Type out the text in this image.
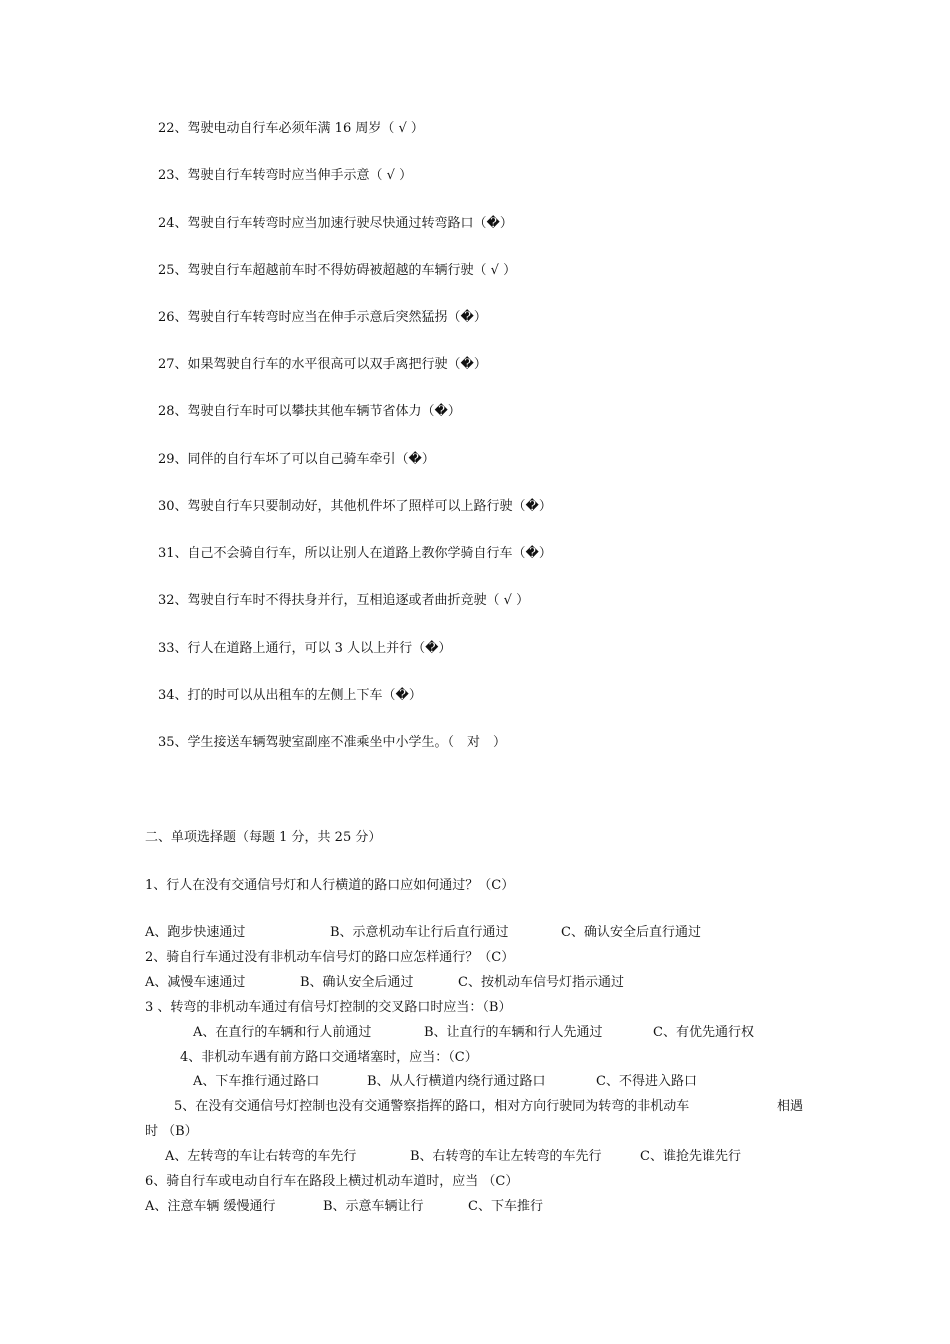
22、驾驶电动自行车必须年满 16 周岁（ √ ）
23、驾驶自行车转弯时应当伸手示意（ √ ）
24、驾驶自行车转弯时应当加速行驶尽快通过转弯路口（�）
25、驾驶自行车超越前车时不得妨碍被超越的车辆行驶（ √ ）
26、驾驶自行车转弯时应当在伸手示意后突然猛拐（�）
27、如果驾驶自行车的水平很高可以双手离把行驶（�）
28、驾驶自行车时可以攀扶其他车辆节省体力（�）
29、同伴的自行车坏了可以自己骑车牵引（�）
30、驾驶自行车只要制动好，其他机件坏了照样可以上路行驶（�）
31、自己不会骑自行车，所以让别人在道路上教你学骑自行车（�）
32、驾驶自行车时不得扶身并行，互相追逐或者曲折竞驶（ √ ）
33、行人在道路上通行，可以 3 人以上并行（�）
34、打的时可以从出租车的左侧上下车（�）
35、学生接送车辆驾驶室副座不准乘坐中小学生。（　对　）
二、单项选择题（每题 1 分，共 25 分）
1、行人在没有交通信号灯和人行横道的路口应如何通过？（C）
A、跑步快速通过	B、示意机动车让行后直行通过	C、确认安全后直行通过
2、骑自行车通过没有非机动车信号灯的路口应怎样通行？（C）
A、减慢车速通过	B、确认安全后通过	C、按机动车信号灯指示通过
3 、转弯的非机动车通过有信号灯控制的交叉路口时应当：（B）
A、在直行的车辆和行人前通过	B、让直行的车辆和行人先通过	C、有优先通行权
4、非机动车遇有前方路口交通堵塞时，应当：（C）
A、下车推行通过路口	B、从人行横道内绕行通过路口	C、不得进入路口
5、在没有交通信号灯控制也没有交通警察指挥的路口，相对方向行驶同为转弯的非机动车	相遇
时 （B）
A、左转弯的车让右转弯的车先行	B、右转弯的车让左转弯的车先行	C、谁抢先谁先行
6、骑自行车或电动自行车在路段上横过机动车道时，应当 （C）
A、注意车辆 缓慢通行	B、示意车辆让行	C、下车推行
